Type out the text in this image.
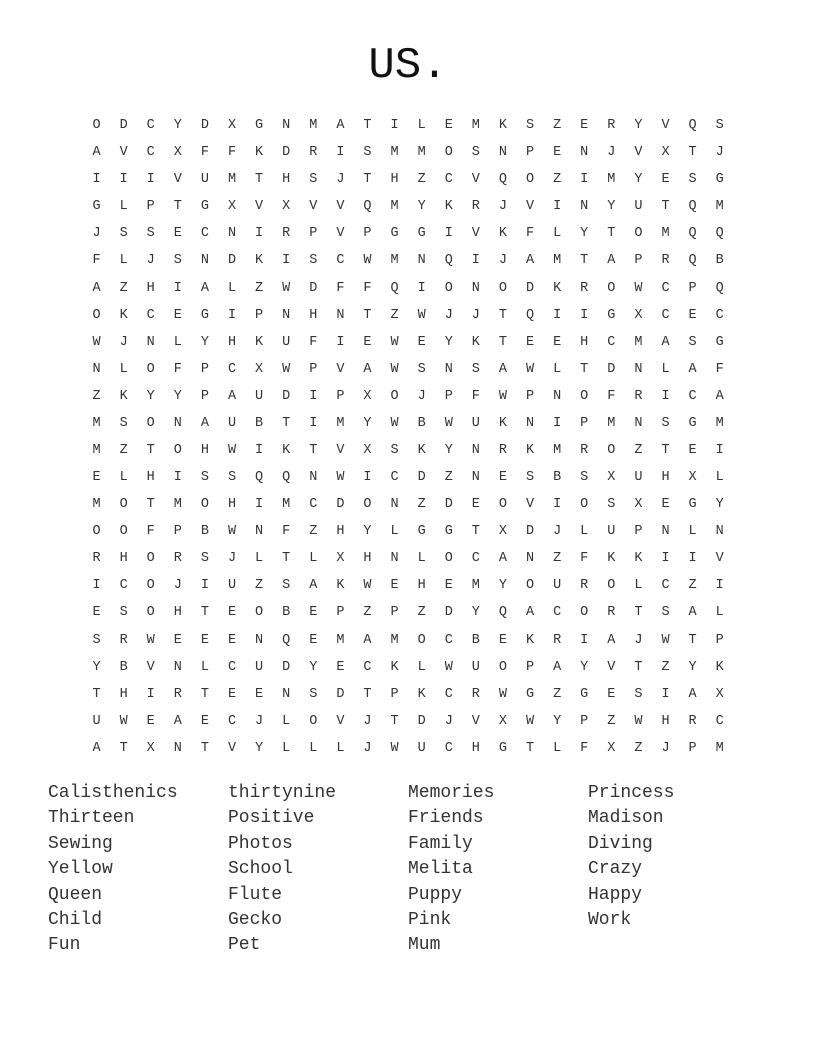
US.
O	D	C	Y	D	X	G	N	M	A	T	I	L	E	M	K	S	Z	E	R	Y	V	Q	S
A	V	C	X	F	F	K	D	R	I	S	M	M	O	S	N	P	E	N	J	V	X	T	J
I	I	I	V	U	M	T	H	S	J	T	H	Z	C	V	Q	O	Z	I	M	Y	E	S	G
G	L	P	T	G	X	V	X	V	V	Q	M	Y	K	R	J	V	I	N	Y	U	T	Q	M
J	S	S	E	C	N	I	R	P	V	P	G	G	I	V	K	F	L	Y	T	O	M	Q	Q
F	L	J	S	N	D	K	I	S	C	W	M	N	Q	I	J	A	M	T	A	P	R	Q	B
A	Z	H	I	A	L	Z	W	D	F	F	Q	I	O	N	O	D	K	R	O	W	C	P	Q
O	K	C	E	G	I	P	N	H	N	T	Z	W	J	J	T	Q	I	I	G	X	C	E	C
W	J	N	L	Y	H	K	U	F	I	E	W	E	Y	K	T	E	E	H	C	M	A	S	G
N	L	O	F	P	C	X	W	P	V	A	W	S	N	S	A	W	L	T	D	N	L	A	F
Z	K	Y	Y	P	A	U	D	I	P	X	O	J	P	F	W	P	N	O	F	R	I	C	A
M	S	O	N	A	U	B	T	I	M	Y	W	B	W	U	K	N	I	P	M	N	S	G	M
M	Z	T	O	H	W	I	K	T	V	X	S	K	Y	N	R	K	M	R	O	Z	T	E	I
E	L	H	I	S	S	Q	Q	N	W	I	C	D	Z	N	E	S	B	S	X	U	H	X	L
M	O	T	M	O	H	I	M	C	D	O	N	Z	D	E	O	V	I	O	S	X	E	G	Y
O	O	F	P	B	W	N	F	Z	H	Y	L	G	G	T	X	D	J	L	U	P	N	L	N
R	H	O	R	S	J	L	T	L	X	H	N	L	O	C	A	N	Z	F	K	K	I	I	V
I	C	O	J	I	U	Z	S	A	K	W	E	H	E	M	Y	O	U	R	O	L	C	Z	I
E	S	O	H	T	E	O	B	E	P	Z	P	Z	D	Y	Q	A	C	O	R	T	S	A	L
S	R	W	E	E	E	N	Q	E	M	A	M	O	C	B	E	K	R	I	A	J	W	T	P
Y	B	V	N	L	C	U	D	Y	E	C	K	L	W	U	O	P	A	Y	V	T	Z	Y	K
T	H	I	R	T	E	E	N	S	D	T	P	K	C	R	W	G	Z	G	E	S	I	A	X
U	W	E	A	E	C	J	L	O	V	J	T	D	J	V	X	W	Y	P	Z	W	H	R	C
A	T	X	N	T	V	Y	L	L	L	J	W	U	C	H	G	T	L	F	X	Z	J	P	M
Calisthenics
Thirteen
Sewing
Yellow
Queen
Child
Fun
thirtynine
Positive
Photos
School
Flute
Gecko
Pet
Memories
Friends
Family
Melita
Puppy
Pink
Mum
Princess
Madison
Diving
Crazy
Happy
Work
